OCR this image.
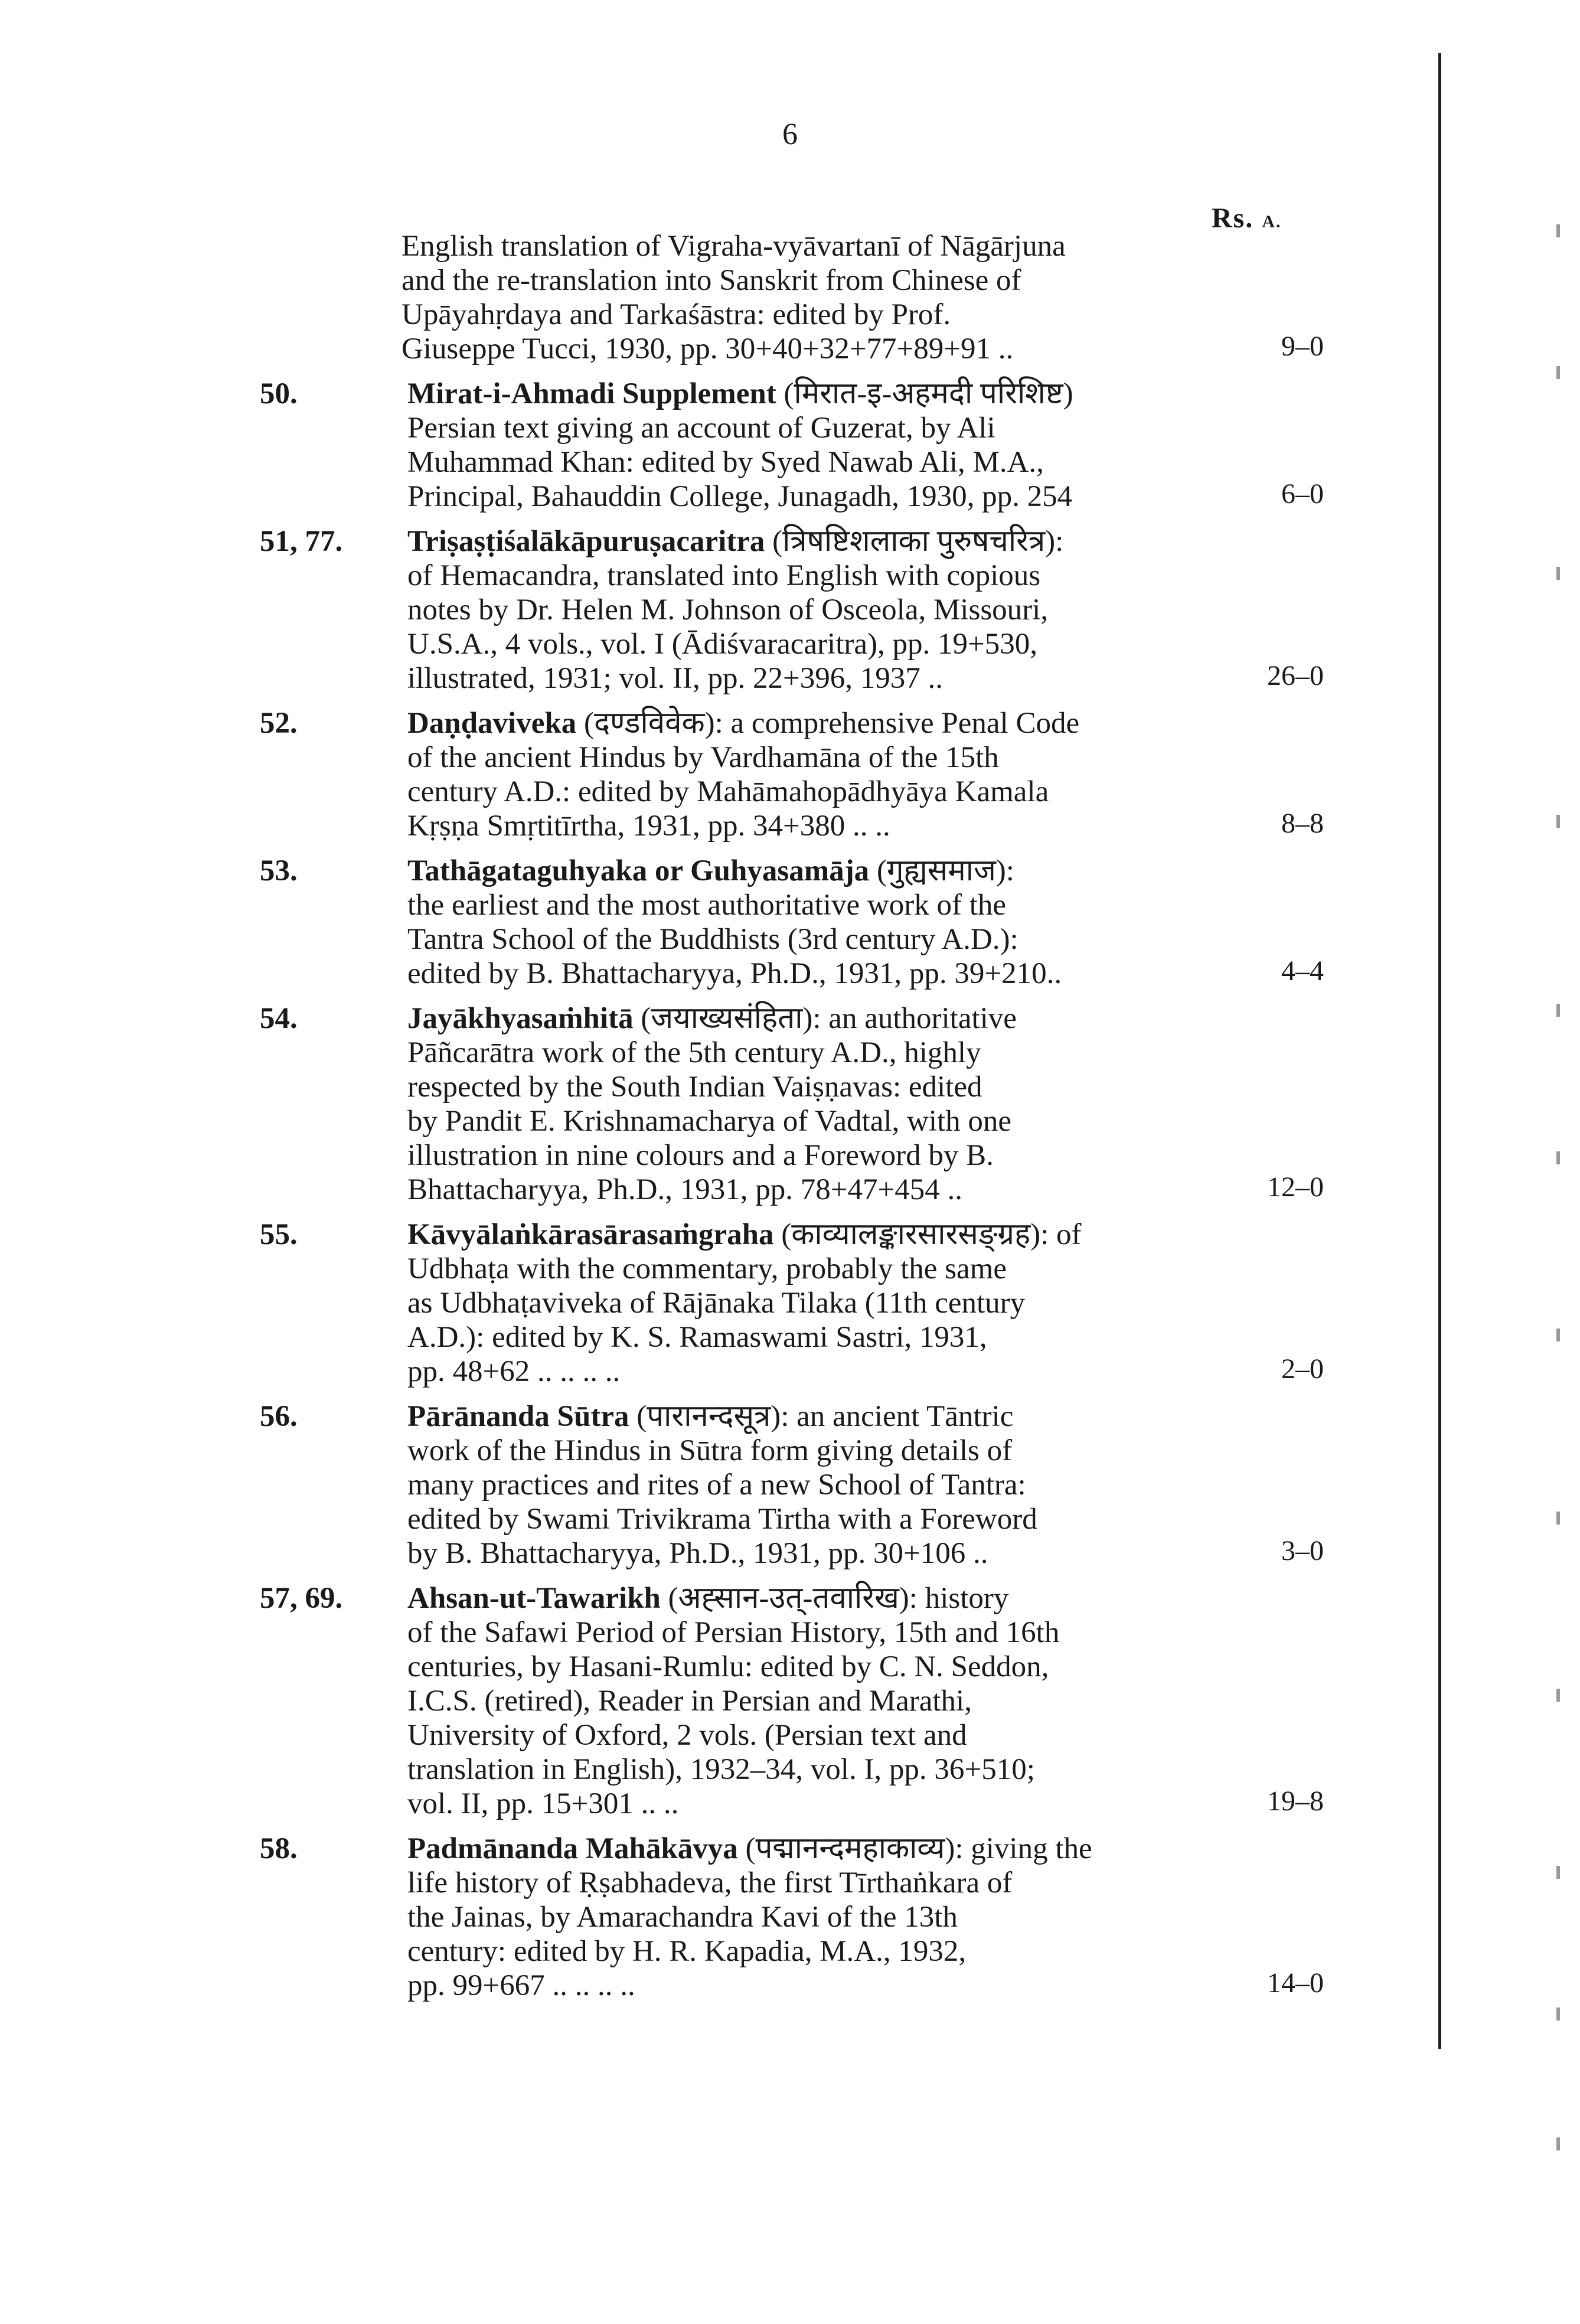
6
Rs. A.
English translation of Vigraha-vyāvartanī of Nāgārjuna
and the re-translation into Sanskrit from Chinese of
Upāyahṛdaya and Tarkaśāstra: edited by Prof.
Giuseppe Tucci, 1930, pp. 30+40+32+77+89+91 ..	9–0
50.	Mirat-i-Ahmadi Supplement (मिरात-इ-अहमदी परिशिष्ट)
Persian text giving an account of Guzerat, by Ali
Muhammad Khan: edited by Syed Nawab Ali, M.A.,
Principal, Bahauddin College, Junagadh, 1930, pp. 254	6–0
51, 77.	Triṣaṣṭiśalākāpuruṣacaritra (त्रिषष्टिशलाका पुरुषचरित्र):
of Hemacandra, translated into English with copious
notes by Dr. Helen M. Johnson of Osceola, Missouri,
U.S.A., 4 vols., vol. I (Ādiśvaracaritra), pp. 19+530,
illustrated, 1931; vol. II, pp. 22+396, 1937 ..	26–0
52.	Daṇḍaviveka (दण्डविवेक): a comprehensive Penal Code
of the ancient Hindus by Vardhamāna of the 15th
century A.D.: edited by Mahāmahopādhyāya Kamala
Kṛṣṇa Smṛtitīrtha, 1931, pp. 34+380 .. ..	8–8
53.	Tathāgataguhyaka or Guhyasamāja (गुह्यसमाज):
the earliest and the most authoritative work of the
Tantra School of the Buddhists (3rd century A.D.):
edited by B. Bhattacharyya, Ph.D., 1931, pp. 39+210..	4–4
54.	Jayākhyasaṁhitā (जयाख्यसंहिता): an authoritative
Pāñcarātra work of the 5th century A.D., highly
respected by the South Indian Vaiṣṇavas: edited
by Pandit E. Krishnamacharya of Vadtal, with one
illustration in nine colours and a Foreword by B.
Bhattacharyya, Ph.D., 1931, pp. 78+47+454 ..	12–0
55.	Kāvyālaṅkārasārasaṁgraha (काव्यालङ्कारसारसङ्ग्रह): of
Udbhaṭa with the commentary, probably the same
as Udbhaṭaviveka of Rājānaka Tilaka (11th century
A.D.): edited by K. S. Ramaswami Sastri, 1931,
pp. 48+62 .. .. .. ..	2–0
56.	Pārānanda Sūtra (पारानन्दसूत्र): an ancient Tāntric
work of the Hindus in Sūtra form giving details of
many practices and rites of a new School of Tantra:
edited by Swami Trivikrama Tirtha with a Foreword
by B. Bhattacharyya, Ph.D., 1931, pp. 30+106 ..	3–0
57, 69.	Ahsan-ut-Tawarikh (अह्सान-उत्-तवारिख): history
of the Safawi Period of Persian History, 15th and 16th
centuries, by Hasani-Rumlu: edited by C. N. Seddon,
I.C.S. (retired), Reader in Persian and Marathi,
University of Oxford, 2 vols. (Persian text and
translation in English), 1932–34, vol. I, pp. 36+510;
vol. II, pp. 15+301 .. ..	19–8
58.	Padmānanda Mahākāvya (पद्मानन्दमहाकाव्य): giving the
life history of Ṛṣabhadeva, the first Tīrthaṅkara of
the Jainas, by Amarachandra Kavi of the 13th
century: edited by H. R. Kapadia, M.A., 1932,
pp. 99+667 .. .. .. ..	14–0
